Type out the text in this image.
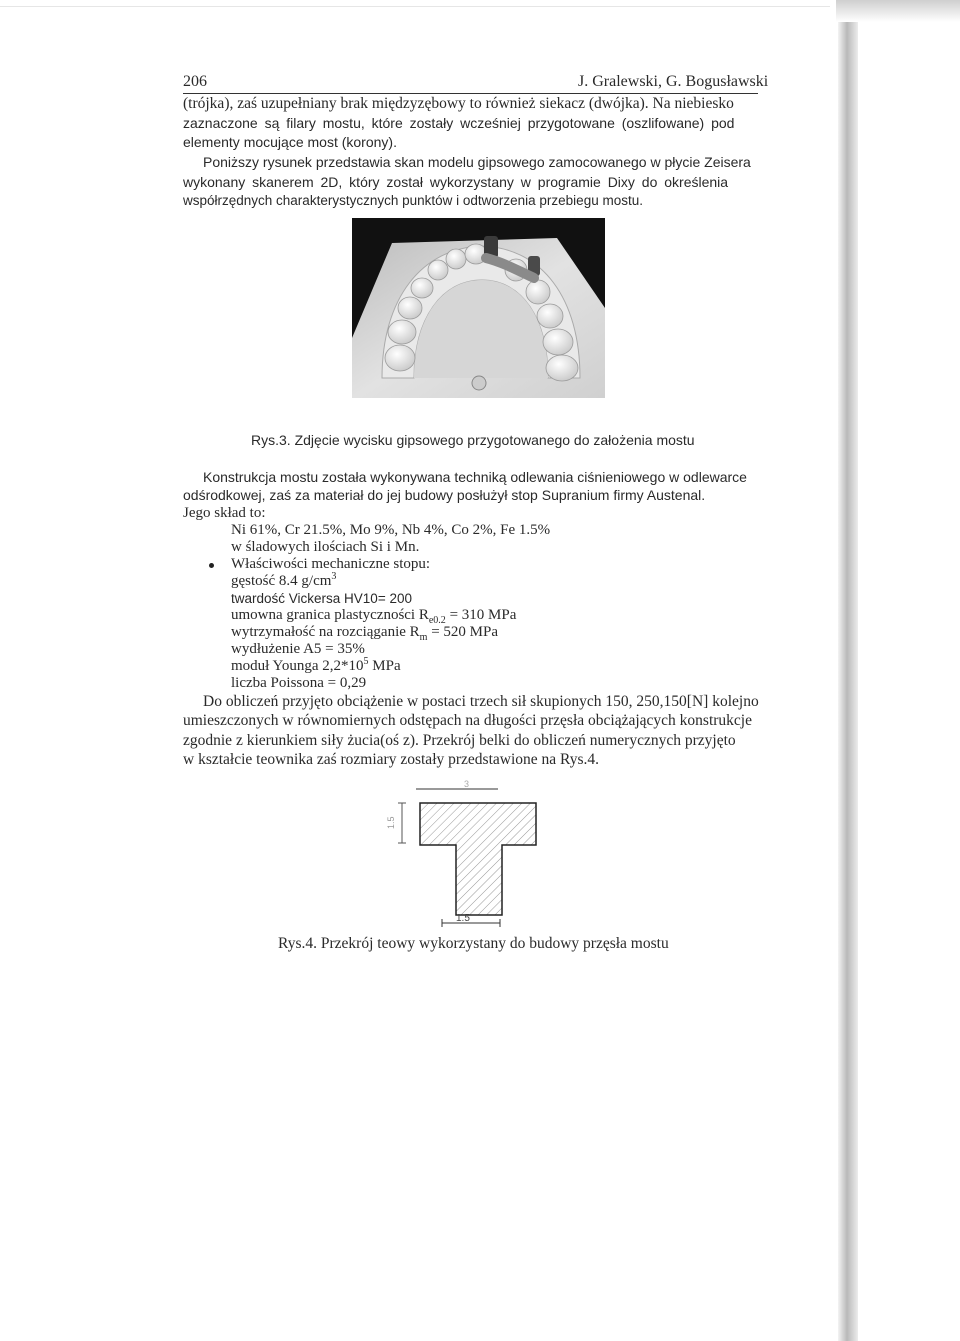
206	J. Gralewski, G. Bogusławski
(trójka), zaś uzupełniany brak międzyzębowy to również siekacz (dwójka). Na niebiesko
zaznaczone są filary mostu, które zostały wcześniej przygotowane (oszlifowane) pod
elementy mocujące most (korony).
Poniższy rysunek przedstawia skan modelu gipsowego zamocowanego w płycie Zeisera
wykonany skanerem 2D, który został wykorzystany w programie Dixy do określenia
współrzędnych charakterystycznych punktów i odtworzenia przebiegu mostu.
Rys.3. Zdjęcie wycisku gipsowego przygotowanego do założenia mostu
Konstrukcja mostu została wykonywana techniką odlewania ciśnieniowego w odlewarce
odśrodkowej, zaś za materiał do jej budowy posłużył stop Supranium firmy Austenal.
Jego skład to:
Ni 61%, Cr 21.5%, Mo 9%, Nb 4%, Co 2%, Fe 1.5%
w śladowych ilościach Si i Mn.
Właściwości mechaniczne stopu:
gęstość 8.4 $g/cm^3$
twardość Vickersa HV10= 200
umowna granica plastyczności $R_{e0.2} = 310$ MPa
wytrzymałość na rozciąganie $R_m = 520$ MPa
wydłużenie A5 = 35%
moduł Younga $2,2*10^5$ MPa
liczba Poissona = 0,29
Do obliczeń przyjęto obciążenie w postaci trzech sił skupionych 150, 250,150[N] kolejno
umieszczonych w równomiernych odstępach na długości przęsła obciążających konstrukcje
zgodnie z kierunkiem siły żucia(oś z). Przekrój belki do obliczeń numerycznych przyjęto
w kształcie teownika zaś rozmiary zostały przedstawione na Rys.4.
3
1.5
1.5
Rys.4. Przekrój teowy wykorzystany do budowy przęsła mostu
